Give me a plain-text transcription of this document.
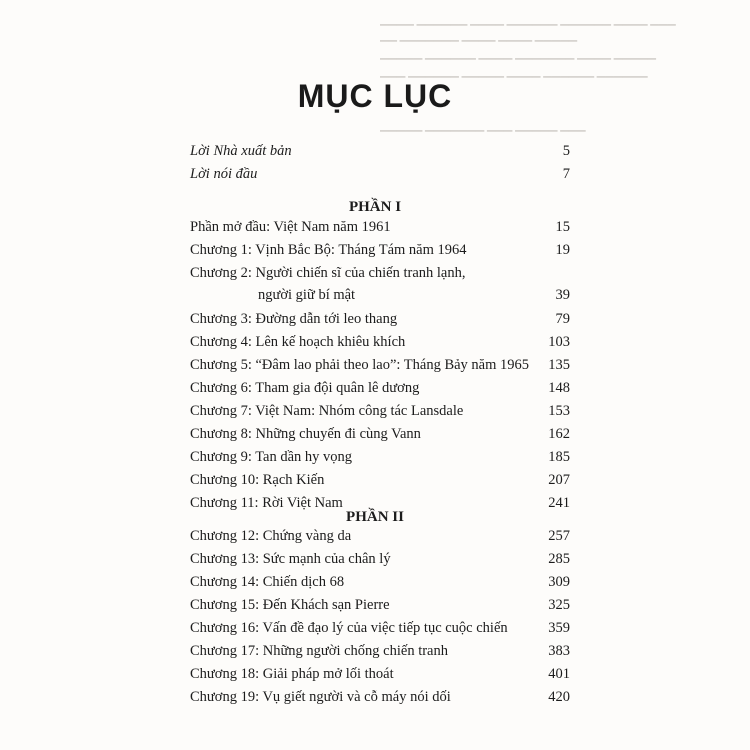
▁▁▁▁ ▁▁▁▁▁▁ ▁▁▁▁ ▁▁▁▁▁▁ ▁▁▁▁▁▁ ▁▁▁▁ ▁▁▁
▁▁ ▁▁▁▁▁▁▁ ▁▁▁▁ ▁▁▁▁ ▁▁▁▁▁
▁▁▁▁▁ ▁▁▁▁▁▁ ▁▁▁▁ ▁▁▁▁▁▁▁ ▁▁▁▁ ▁▁▁▁▁
▁▁▁ ▁▁▁▁▁▁ ▁▁▁▁▁ ▁▁▁▁ ▁▁▁▁▁▁ ▁▁▁▁▁▁
▁▁▁▁▁ ▁▁▁▁▁▁▁ ▁▁▁ ▁▁▁▁▁ ▁▁▁
MỤC LỤC
Lời Nhà xuất bản	5
Lời nói đầu	7
PHẦN I
Phần mở đầu: Việt Nam năm 1961	15
Chương 1: Vịnh Bắc Bộ: Tháng Tám năm 1964	19
Chương 2: Người chiến sĩ của chiến tranh lạnh,
người giữ bí mật	39
Chương 3: Đường dẫn tới leo thang	79
Chương 4: Lên kế hoạch khiêu khích	103
Chương 5: “Đâm lao phải theo lao”: Tháng Bảy năm 1965	135
Chương 6: Tham gia đội quân lê dương	148
Chương 7: Việt Nam: Nhóm công tác Lansdale	153
Chương 8: Những chuyến đi cùng Vann	162
Chương 9: Tan dần hy vọng	185
Chương 10: Rạch Kiến	207
Chương 11: Rời Việt Nam	241
PHẦN II
Chương 12: Chứng vàng da	257
Chương 13: Sức mạnh của chân lý	285
Chương 14: Chiến dịch 68	309
Chương 15: Đến Khách sạn Pierre	325
Chương 16: Vấn đề đạo lý của việc tiếp tục cuộc chiến	359
Chương 17: Những người chống chiến tranh	383
Chương 18: Giải pháp mở lối thoát	401
Chương 19: Vụ giết người và cỗ máy nói dối	420
